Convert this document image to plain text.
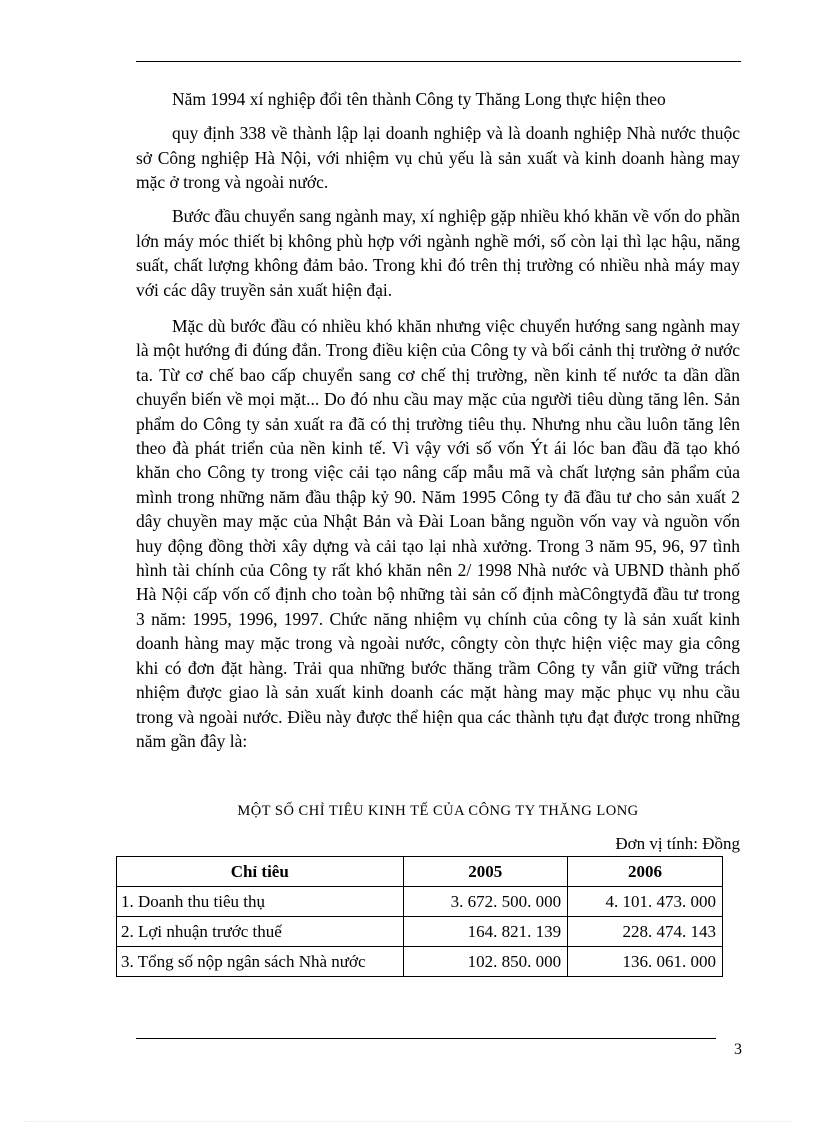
Năm 1994 xí nghiệp đổi tên thành Công ty Thăng Long thực hiện theo

quy định 338 về thành lập lại doanh nghiệp và là doanh nghiệp Nhà nước thuộc sở Công nghiệp Hà Nội, với nhiệm vụ chủ yếu là sản xuất và kinh doanh hàng may mặc ở trong và ngoài nước.

Bước đầu chuyển sang ngành may, xí nghiệp gặp nhiều khó khăn về vốn do phần lớn máy móc thiết bị không phù hợp với ngành nghề mới, số còn lại thì lạc hậu, năng suất, chất lượng không đảm bảo. Trong khi đó trên thị trường có nhiều nhà máy may với các dây truyền sản xuất hiện đại.

Mặc dù bước đầu có nhiều khó khăn nhưng việc chuyển hướng sang ngành may là một hướng đi đúng đắn. Trong điều kiện của Công ty và bối cảnh thị trường ở nước ta. Từ cơ chế bao cấp chuyển sang cơ chế thị trường, nền kinh tế nước ta dần dần chuyển biến về mọi mặt... Do đó nhu cầu may mặc của người tiêu dùng tăng lên. Sản phẩm do Công ty sản xuất ra đã có thị trường tiêu thụ. Nhưng nhu cầu luôn tăng lên theo đà phát triển của nền kinh tế. Vì vậy với số vốn Ýt ái lóc ban đầu đã tạo khó khăn cho Công ty trong việc cải tạo nâng cấp mẫu mã và chất lượng sản phẩm của mình trong những năm đầu thập kỷ 90. Năm 1995 Công ty đã đầu tư cho sản xuất 2 dây chuyền may mặc của Nhật Bản và Đài Loan bằng nguồn vốn vay và nguồn vốn huy động đồng thời xây dựng và cải tạo lại nhà xưởng. Trong 3 năm 95, 96, 97 tình hình tài chính của Công ty rất khó khăn nên 2/ 1998 Nhà nước và UBND thành phố Hà Nội cấp vốn cố định cho toàn bộ những tài sản cố định màCôngtyđã đầu tư trong 3 năm: 1995, 1996, 1997. Chức năng nhiệm vụ chính của công ty là sản xuất kinh doanh hàng may mặc trong và ngoài nước, côngty còn thực hiện việc may gia công khi có đơn đặt hàng. Trải qua những bước thăng trầm Công ty vẫn giữ vững trách nhiệm được giao là sản xuất kinh doanh các mặt hàng may mặc phục vụ nhu cầu trong và ngoài nước. Điều này được thể hiện qua các thành tựu đạt được trong những năm gần đây là:

MỘT SỐ CHỈ TIÊU KINH TẾ CỦA CÔNG TY THĂNG LONG
Đơn vị tính: Đồng
Chỉ tiêu	2005	2006
1. Doanh thu tiêu thụ	3. 672. 500. 000	4. 101. 473. 000
2. Lợi nhuận trước thuế	164. 821. 139	228. 474. 143
3. Tổng số nộp ngân sách Nhà nước	102. 850. 000	136. 061. 000
3
